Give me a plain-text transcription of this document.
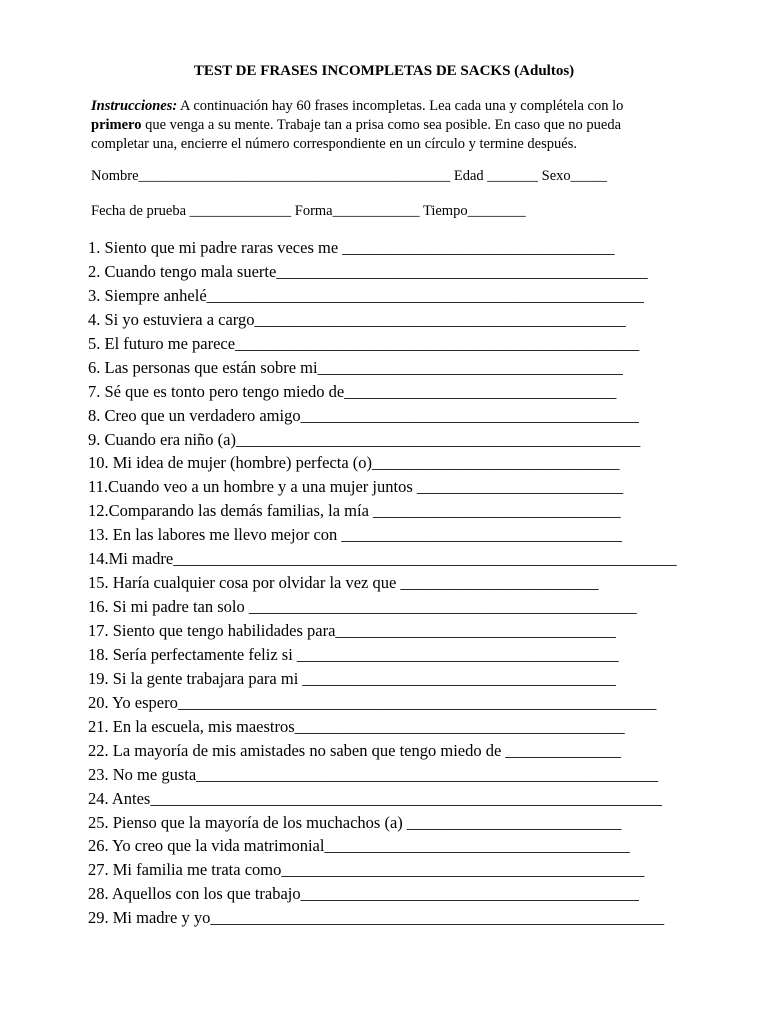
TEST DE FRASES INCOMPLETAS DE SACKS (Adultos)
Instrucciones: A continuación hay 60 frases incompletas. Lea cada una y complétela con lo primero que venga a su mente. Trabaje tan a prisa como sea posible. En caso que no pueda completar una, encierre el número correspondiente en un círculo y termine después.
Nombre___________________________________________ Edad _______ Sexo_____
Fecha de prueba ______________ Forma____________ Tiempo________
1. Siento que mi padre raras veces me _________________________________
2. Cuando tengo mala suerte_____________________________________________
3. Siempre anhelé_____________________________________________________
4. Si yo estuviera a cargo_____________________________________________
5. El futuro me parece_________________________________________________
6. Las personas que están sobre mi_____________________________________
7. Sé que es tonto pero tengo miedo de_________________________________
8. Creo que un verdadero amigo_________________________________________
9. Cuando era niño (a)_________________________________________________
10. Mi idea de mujer (hombre) perfecta (o)______________________________
11.Cuando veo a un hombre y a una mujer juntos _________________________
12.Comparando las demás familias, la mía ______________________________
13. En las labores me llevo mejor con __________________________________
14.Mi madre_____________________________________________________________
15. Haría cualquier cosa por olvidar la vez que ________________________
16. Si mi padre tan solo _______________________________________________
17. Siento que tengo habilidades para__________________________________
18. Sería perfectamente feliz si _______________________________________
19. Si la gente trabajara para mi ______________________________________
20. Yo espero__________________________________________________________
21. En la escuela, mis maestros________________________________________
22. La mayoría de mis amistades no saben que tengo miedo de ______________
23. No me gusta________________________________________________________
24. Antes______________________________________________________________
25. Pienso que la mayoría de los muchachos (a) __________________________
26. Yo creo que la vida matrimonial_____________________________________
27. Mi familia me trata como____________________________________________
28. Aquellos con los que trabajo_________________________________________
29. Mi madre y yo_______________________________________________________
